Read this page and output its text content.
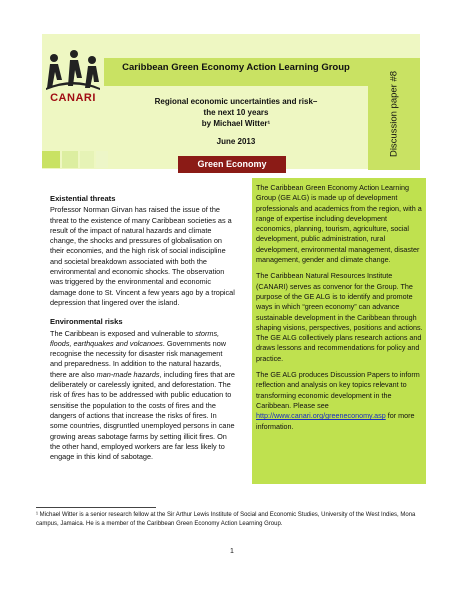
CANARI
Caribbean Green Economy Action Learning Group
Regional economic uncertainties and risk–
the next 10 years
by Michael Witter¹
June 2013	Discussion paper #8
Green Economy
Existential threats

Professor Norman Girvan has raised the issue of the threat to the existence of many Caribbean societies as a result of the impact of natural hazards and climate change, the shocks and pressures of globalisation on their economies, and the high risk of social indiscipline and societal breakdown associated with both the environmental and economic shocks. The observation was triggered by the environmental and economic damage done to St. Vincent a few years ago by a tropical depression that lingered over the island.

Environmental risks

The Caribbean is exposed and vulnerable to storms, floods, earthquakes and volcanoes. Governments now recognise the necessity for disaster risk management and preparedness. In addition to the natural hazards, there are also man-made hazards, including fires that are deliberately or carelessly ignited, and deforestation. The risk of fires has to be addressed with public education to sensitise the population to the costs of fires and the dangers of actions that increase the risks of fires. In some countries, disgruntled unemployed persons in cane growing areas sabotage farms by setting illicit fires. On the other hand, employed workers are far less likely to engage in this kind of sabotage.

The Caribbean Green Economy Action Learning Group (GE ALG) is made up of development professionals and academics from the region, with a range of expertise including development economics, planning, tourism, agriculture, social development, public administration, rural development, environmental management, disaster management, gender and climate change.

The Caribbean Natural Resources Institute (CANARI) serves as convenor for the Group. The purpose of the GE ALG is to identify and promote ways in which “green economy” can advance sustainable development in the Caribbean through shaping visions, perspectives, positions and actions. The GE ALG collectively plans research actions and draws lessons and recommendations for policy and practice.

The GE ALG produces Discussion Papers to inform reflection and analysis on key topics relevant to transforming economic development in the Caribbean. Please see http://www.canari.org/greeneconomy.asp for more information.

¹ Michael Witter is a senior research fellow at the Sir Arthur Lewis Institute of Social and Economic Studies, University of the West Indies, Mona campus, Jamaica. He is a member of the Caribbean Green Economy Action Learning Group.
1
